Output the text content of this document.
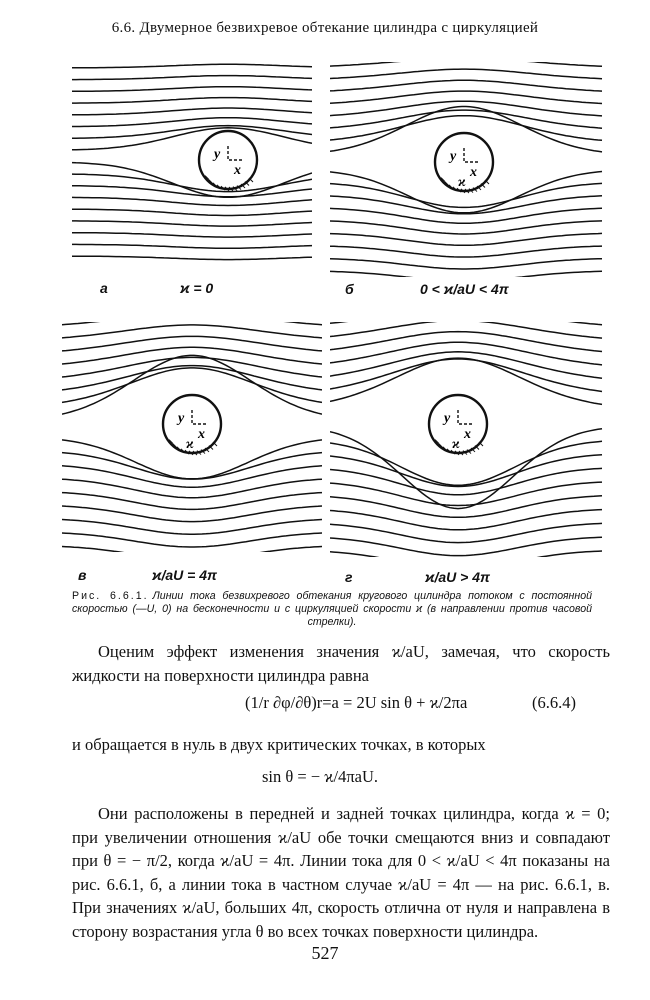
6.6. Двумерное безвихревое обтекание цилиндра с циркуляцией
y
x
а	ϰ = 0
y
x
ϰ
б	0 < ϰ/aU < 4π
y
x
ϰ
в	ϰ/aU = 4π
y
x
ϰ
г	ϰ/aU > 4π
Рис. 6.6.1. Линии тока безвихревого обтекания кругового цилиндра потоком с постоянной скоростью (—U, 0) на бесконечности и с циркуляцией скорости ϰ (в направлении против часовой стрелки).
Оценим эффект изменения значения ϰ/aU, замечая, что скорость жидкости на поверхности цилиндра равна
(1/r ∂φ/∂θ)r=a = 2U sin θ + ϰ/2πa	(6.6.4)
и обращается в нуль в двух критических точках, в которых
sin θ = − ϰ/4πaU.
Они расположены в передней и задней точках цилиндра, когда ϰ = 0; при увеличении отношения ϰ/aU обе точки смещаются вниз и совпадают при θ = − π/2, когда ϰ/aU = 4π. Линии тока для 0 < ϰ/aU < 4π показаны на рис. 6.6.1, б, а линии тока в частном случае ϰ/aU = 4π — на рис. 6.6.1, в. При значениях ϰ/aU, больших 4π, скорость отлична от нуля и направлена в сторону возрастания угла θ во всех точках поверхности цилиндра.
527
